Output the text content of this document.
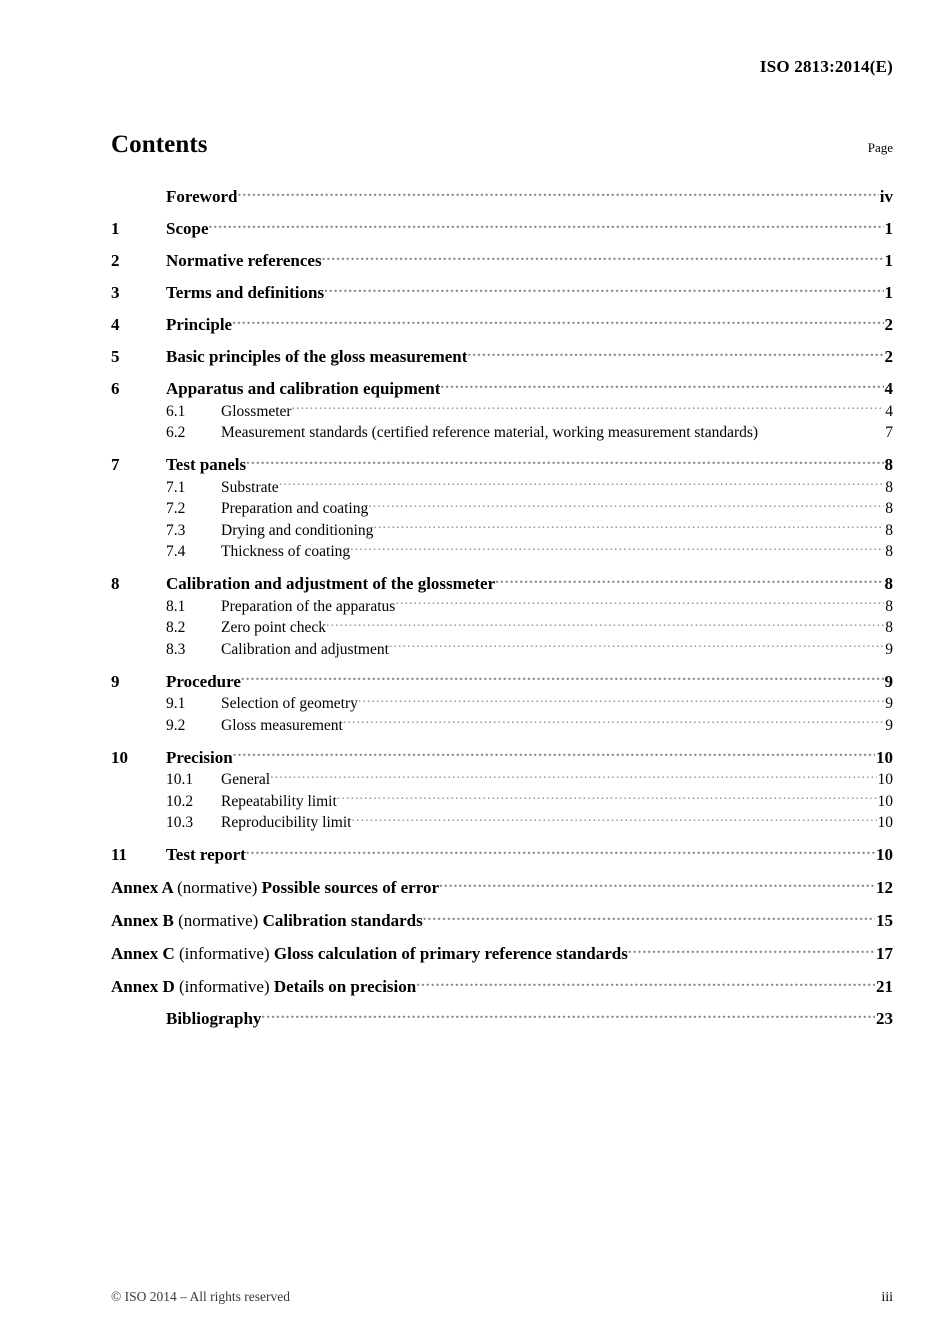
ISO 2813:2014(E)
Contents	Page
Foreword .....	iv
1	Scope .....	1
2	Normative references .....	1
3	Terms and definitions .....	1
4	Principle .....	2
5	Basic principles of the gloss measurement .....	2
6	Apparatus and calibration equipment .....	4
6.1	Glossmeter .....	4
6.2	Measurement standards (certified reference material, working measurement standards)	7
7	Test panels .....	8
7.1	Substrate .....	8
7.2	Preparation and coating .....	8
7.3	Drying and conditioning .....	8
7.4	Thickness of coating .....	8
8	Calibration and adjustment of the glossmeter .....	8
8.1	Preparation of the apparatus .....	8
8.2	Zero point check .....	8
8.3	Calibration and adjustment .....	9
9	Procedure .....	9
9.1	Selection of geometry .....	9
9.2	Gloss measurement .....	9
10	Precision .....	10
10.1	General .....	10
10.2	Repeatability limit .....	10
10.3	Reproducibility limit .....	10
11	Test report .....	10
Annex A (normative) Possible sources of error .....	12
Annex B (normative) Calibration standards .....	15
Annex C (informative) Gloss calculation of primary reference standards .....	17
Annex D (informative) Details on precision .....	21
Bibliography .....	23
© ISO 2014 – All rights reserved	iii
